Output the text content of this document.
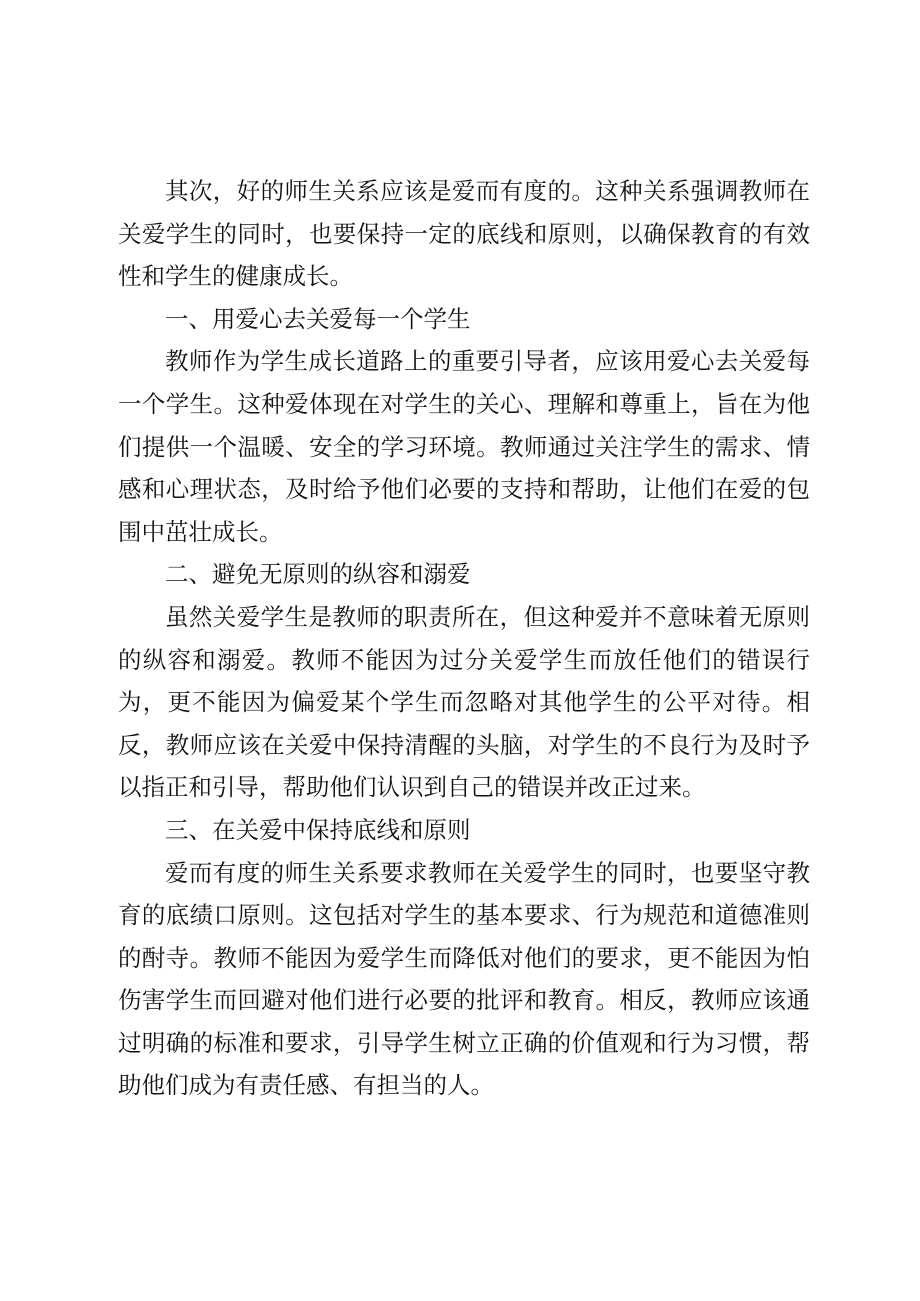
其次，好的师生关系应该是爱而有度的。这种关系强调教师在关爱学生的同时，也要保持一定的底线和原则，以确保教育的有效性和学生的健康成长。

一、用爱心去关爱每一个学生

教师作为学生成长道路上的重要引导者，应该用爱心去关爱每一个学生。这种爱体现在对学生的关心、理解和尊重上，旨在为他们提供一个温暖、安全的学习环境。教师通过关注学生的需求、情感和心理状态，及时给予他们必要的支持和帮助，让他们在爱的包围中茁壮成长。

二、避免无原则的纵容和溺爱

虽然关爱学生是教师的职责所在，但这种爱并不意味着无原则的纵容和溺爱。教师不能因为过分关爱学生而放任他们的错误行为，更不能因为偏爱某个学生而忽略对其他学生的公平对待。相反，教师应该在关爱中保持清醒的头脑，对学生的不良行为及时予以指正和引导，帮助他们认识到自己的错误并改正过来。

三、在关爱中保持底线和原则

爱而有度的师生关系要求教师在关爱学生的同时，也要坚守教育的底绩口原则。这包括对学生的基本要求、行为规范和道德准则的酎寺。教师不能因为爱学生而降低对他们的要求，更不能因为怕伤害学生而回避对他们进行必要的批评和教育。相反，教师应该通过明确的标准和要求，引导学生树立正确的价值观和行为习惯，帮助他们成为有责任感、有担当的人。
